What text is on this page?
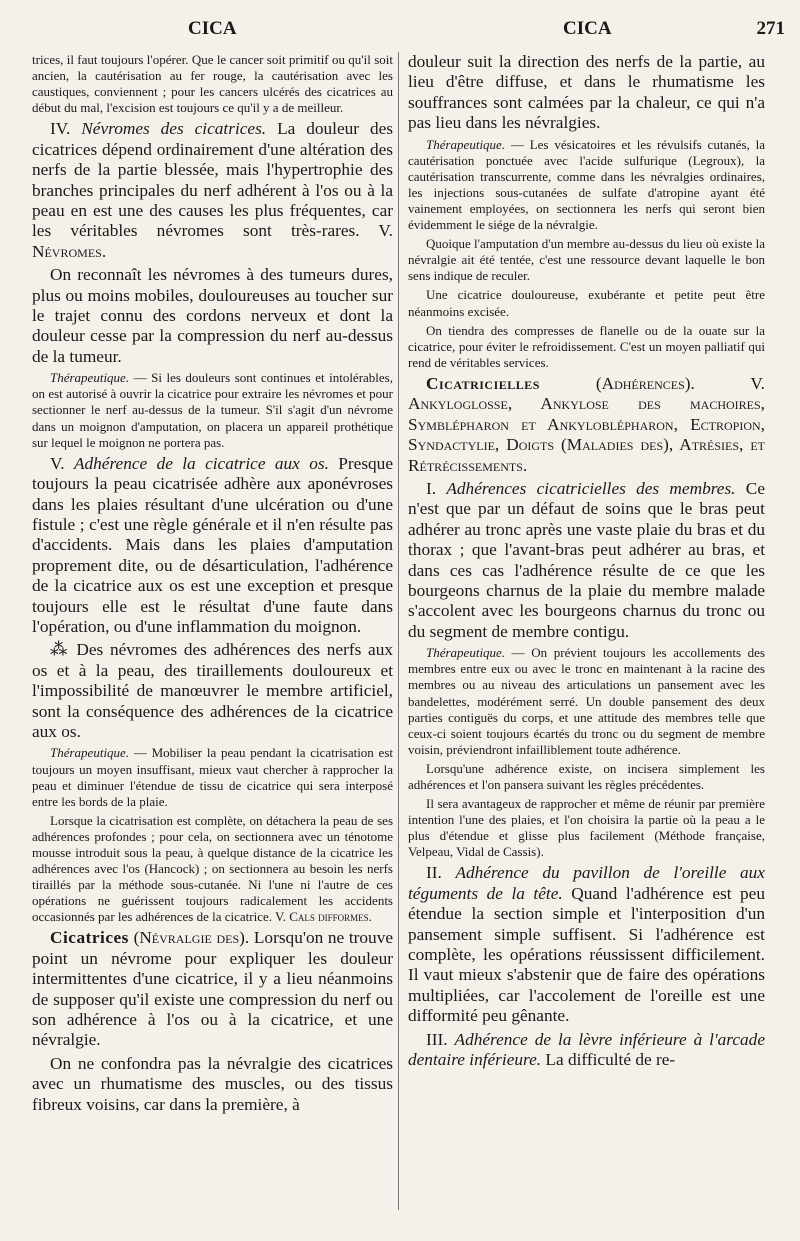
CICA	CICA	271

trices, il faut toujours l'opérer. Que le cancer soit primitif ou qu'il soit ancien, la cautérisation au fer rouge, la cautérisation avec les caustiques, conviennent ; pour les cancers ulcérés des cicatrices au début du mal, l'excision est toujours ce qu'il y a de meilleur.

IV. Névromes des cicatrices. La douleur des cicatrices dépend ordinairement d'une altération des nerfs de la partie blessée, mais l'hypertrophie des branches principales du nerf adhérent à l'os ou à la peau en est une des causes les plus fréquentes, car les véritables névromes sont très-rares. V. Névromes.

On reconnaît les névromes à des tumeurs dures, plus ou moins mobiles, douloureuses au toucher sur le trajet connu des cordons nerveux et dont la douleur cesse par la compression du nerf au-dessus de la tumeur.

Thérapeutique. — Si les douleurs sont continues et intolérables, on est autorisé à ouvrir la cicatrice pour extraire les névromes et pour sectionner le nerf au-dessus de la tumeur. S'il s'agit d'un névrome dans un moignon d'amputation, on placera un appareil prothétique sur lequel le moignon ne portera pas.

V. Adhérence de la cicatrice aux os. Presque toujours la peau cicatrisée adhère aux aponévroses dans les plaies résultant d'une ulcération ou d'une fistule ; c'est une règle générale et il n'en résulte pas d'accidents. Mais dans les plaies d'amputation proprement dite, ou de désarticulation, l'adhérence de la cicatrice aux os est une exception et presque toujours elle est le résultat d'une faute dans l'opération, ou d'une inflammation du moignon.

⁂ Des névromes des adhérences des nerfs aux os et à la peau, des tiraillements douloureux et l'impossibilité de manœuvrer le membre artificiel, sont la conséquence des adhérences de la cicatrice aux os.

Thérapeutique. — Mobiliser la peau pendant la cicatrisation est toujours un moyen insuffisant, mieux vaut chercher à rapprocher la peau et diminuer l'étendue de tissu de cicatrice qui sera interposé entre les bords de la plaie.

Lorsque la cicatrisation est complète, on détachera la peau de ses adhérences profondes ; pour cela, on sectionnera avec un ténotome mousse introduit sous la peau, à quelque distance de la cicatrice les adhérences avec l'os (Hancock) ; on sectionnera au besoin les nerfs tiraillés par la méthode sous-cutanée. Ni l'une ni l'autre de ces opérations ne guérissent toujours radicalement les accidents occasionnés par les adhérences de la cicatrice. V. Cals difformes.

Cicatrices (Névralgie des). Lorsqu'on ne trouve point un névrome pour expliquer les douleur intermittentes d'une cicatrice, il y a lieu néanmoins de supposer qu'il existe une compression du nerf ou son adhérence à l'os ou à la cicatrice, et une névralgie.

On ne confondra pas la névralgie des cicatrices avec un rhumatisme des muscles, ou des tissus fibreux voisins, car dans la première, à

douleur suit la direction des nerfs de la partie, au lieu d'être diffuse, et dans le rhumatisme les souffrances sont calmées par la chaleur, ce qui n'a pas lieu dans les névralgies.

Thérapeutique. — Les vésicatoires et les révulsifs cutanés, la cautérisation ponctuée avec l'acide sulfurique (Legroux), la cautérisation transcurrente, comme dans les névralgies ordinaires, les injections sous-cutanées de sulfate d'atropine ayant été vainement employées, on sectionnera les nerfs qui seront bien évidemment le siége de la névralgie.

Quoique l'amputation d'un membre au-dessus du lieu où existe la névralgie ait été tentée, c'est une ressource devant laquelle le bon sens indique de reculer.

Une cicatrice douloureuse, exubérante et petite peut être néanmoins excisée.

On tiendra des compresses de flanelle ou de la ouate sur la cicatrice, pour éviter le refroidissement. C'est un moyen palliatif qui rend de véritables services.

Cicatricielles	(Adhérences). V. Ankyloglosse, Ankylose des machoires, Symblépharon et Ankyloblépharon, Ectropion, Syndactylie, Doigts (Maladies des), Atrésies, et Rétrécissements.

I. Adhérences cicatricielles des membres. Ce n'est que par un défaut de soins que le bras peut adhérer au tronc après une vaste plaie du bras et du thorax ; que l'avant-bras peut adhérer au bras, et dans ces cas l'adhérence résulte de ce que les bourgeons charnus de la plaie du membre malade s'accolent avec les bourgeons charnus du tronc ou du segment de membre contigu.

Thérapeutique. — On prévient toujours les accollements des membres entre eux ou avec le tronc en maintenant à la racine des membres ou au niveau des articulations un pansement avec les bandelettes, modérément serré. Un double pansement des deux parties contiguës du corps, et une attitude des membres telle que ceux-ci soient toujours écartés du tronc ou du segment de membre voisin, préviendront infailliblement toute adhérence.

Lorsqu'une adhérence existe, on incisera simplement les adhérences et l'on pansera suivant les règles précédentes.

Il sera avantageux de rapprocher et même de réunir par première intention l'une des plaies, et l'on choisira la partie où la peau a le plus d'étendue et glisse plus facilement (Méthode française, Velpeau, Vidal de Cassis).

II. Adhérence du pavillon de l'oreille aux téguments de la tête. Quand l'adhérence est peu étendue la section simple et l'interposition d'un pansement simple suffisent. Si l'adhérence est complète, les opérations réussissent difficilement. Il vaut mieux s'abstenir que de faire des opérations multipliées, car l'accolement de l'oreille est une difformité peu gênante.

III. Adhérence de la lèvre inférieure à l'arcade dentaire inférieure. La difficulté de re-
